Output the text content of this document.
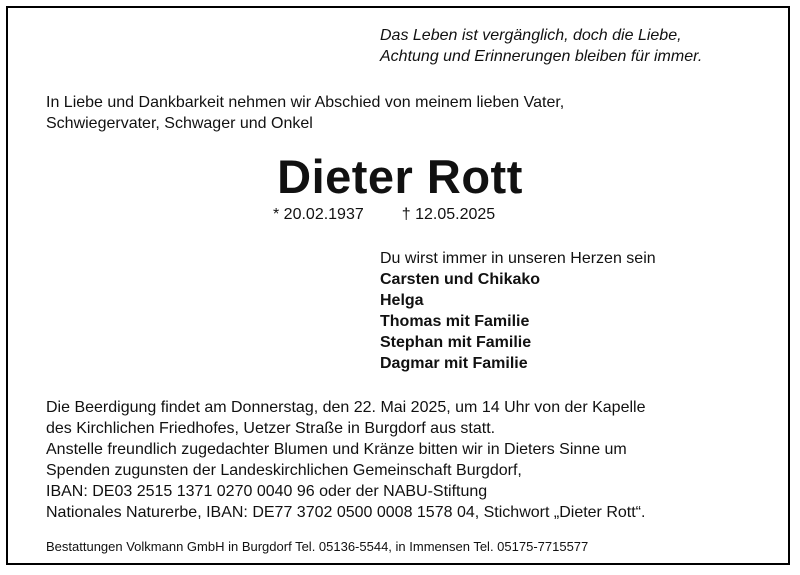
Das Leben ist vergänglich, doch die Liebe,
Achtung und Erinnerungen bleiben für immer.
In Liebe und Dankbarkeit nehmen wir Abschied von meinem lieben Vater,
Schwiegervater, Schwager und Onkel
Dieter Rott
* 20.02.1937 † 12.05.2025
Du wirst immer in unseren Herzen sein
Carsten und Chikako
Helga
Thomas mit Familie
Stephan mit Familie
Dagmar mit Familie

Die Beerdigung findet am Donnerstag, den 22. Mai 2025, um 14 Uhr von der Kapelle

des Kirchlichen Friedhofes, Uetzer Straße in Burgdorf aus statt.

Anstelle freundlich zugedachter Blumen und Kränze bitten wir in Dieters Sinne um

Spenden zugunsten der Landeskirchlichen Gemeinschaft Burgdorf,

IBAN: DE03 2515 1371 0270 0040 96 oder der NABU-Stiftung

Nationales Naturerbe, IBAN: DE77 3702 0500 0008 1578 04, Stichwort „Dieter Rott“.

Bestattungen Volkmann GmbH in Burgdorf Tel. 05136-5544, in Immensen Tel. 05175-7715577
